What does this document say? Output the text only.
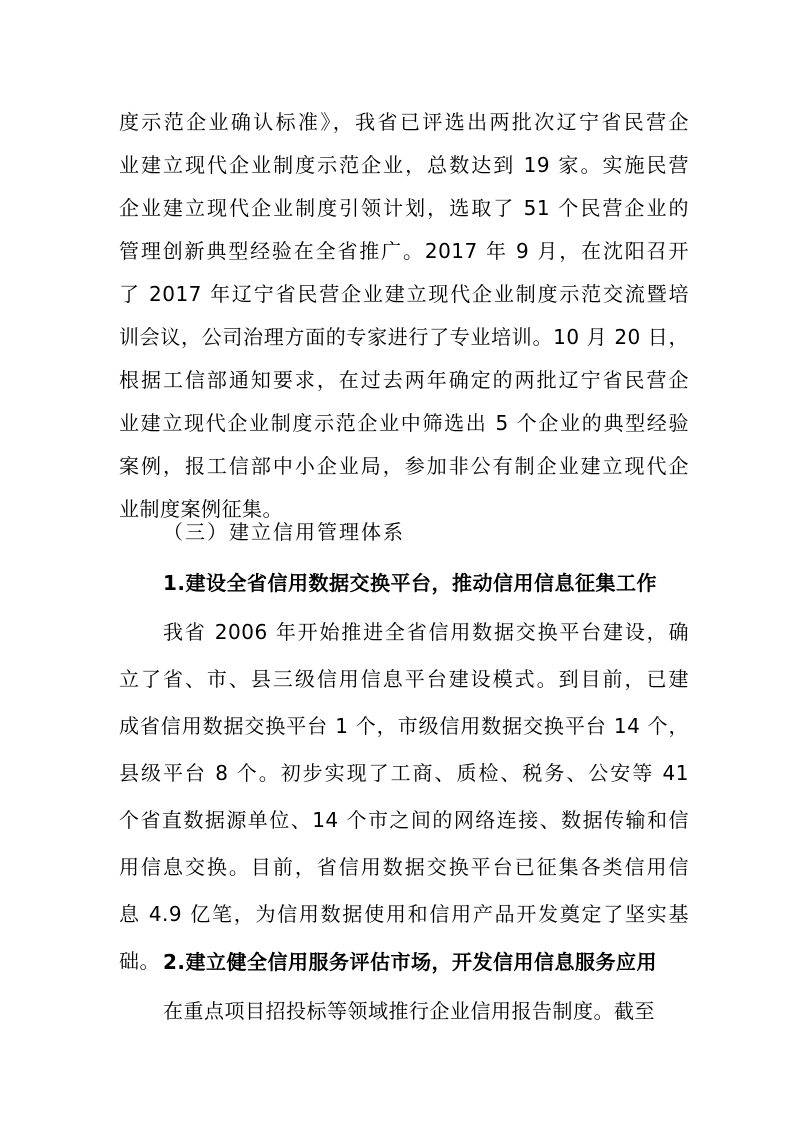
度示范企业确认标准》，我省已评选出两批次辽宁省民营企
业建立现代企业制度示范企业，总数达到 19 家。实施民营
企业建立现代企业制度引领计划，选取了 51 个民营企业的
管理创新典型经验在全省推广。2017 年 9 月，在沈阳召开
了 2017 年辽宁省民营企业建立现代企业制度示范交流暨培
训会议，公司治理方面的专家进行了专业培训。10 月 20 日，
根据工信部通知要求，在过去两年确定的两批辽宁省民营企
业建立现代企业制度示范企业中筛选出 5 个企业的典型经验
案例，报工信部中小企业局，参加非公有制企业建立现代企
业制度案例征集。
（三）建立信用管理体系
1.建设全省信用数据交换平台，推动信用信息征集工作
我省 2006 年开始推进全省信用数据交换平台建设，确
立了省、市、县三级信用信息平台建设模式。到目前，已建
成省信用数据交换平台 1 个，市级信用数据交换平台 14 个，
县级平台 8 个。初步实现了工商、质检、税务、公安等 41
个省直数据源单位、14 个市之间的网络连接、数据传输和信
用信息交换。目前，省信用数据交换平台已征集各类信用信
息 4.9 亿笔，为信用数据使用和信用产品开发奠定了坚实基
础。 2.建立健全信用服务评估市场，开发信用信息服务应用
在重点项目招投标等领域推行企业信用报告制度。截至
